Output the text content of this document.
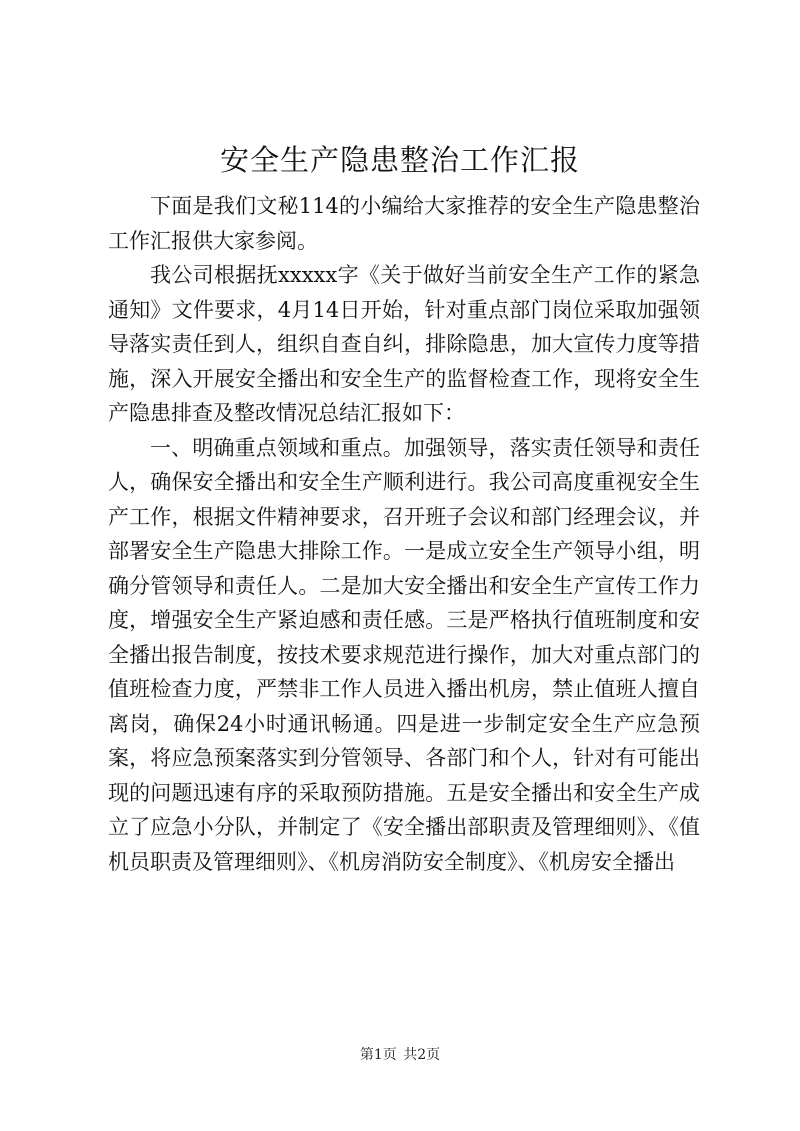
安全生产隐患整治工作汇报

下面是我们文秘114的小编给大家推荐的安全生产隐患整治工作汇报供大家参阅。

我公司根据抚xxxxx字《关于做好当前安全生产工作的紧急通知》文件要求，4月14日开始，针对重点部门岗位采取加强领导落实责任到人，组织自查自纠，排除隐患，加大宣传力度等措施，深入开展安全播出和安全生产的监督检查工作，现将安全生产隐患排查及整改情况总结汇报如下：

一、明确重点领域和重点。加强领导，落实责任领导和责任人，确保安全播出和安全生产顺利进行。我公司高度重视安全生产工作，根据文件精神要求，召开班子会议和部门经理会议，并部署安全生产隐患大排除工作。一是成立安全生产领导小组，明确分管领导和责任人。二是加大安全播出和安全生产宣传工作力度，增强安全生产紧迫感和责任感。三是严格执行值班制度和安全播出报告制度，按技术要求规范进行操作，加大对重点部门的值班检查力度，严禁非工作人员进入播出机房，禁止值班人擅自离岗，确保24小时通讯畅通。四是进一步制定安全生产应急预案，将应急预案落实到分管领导、各部门和个人，针对有可能出现的问题迅速有序的采取预防措施。五是安全播出和安全生产成立了应急小分队，并制定了《安全播出部职责及管理细则》、《值机员职责及管理细则》、《机房消防安全制度》、《机房安全播出

第1页 共2页
